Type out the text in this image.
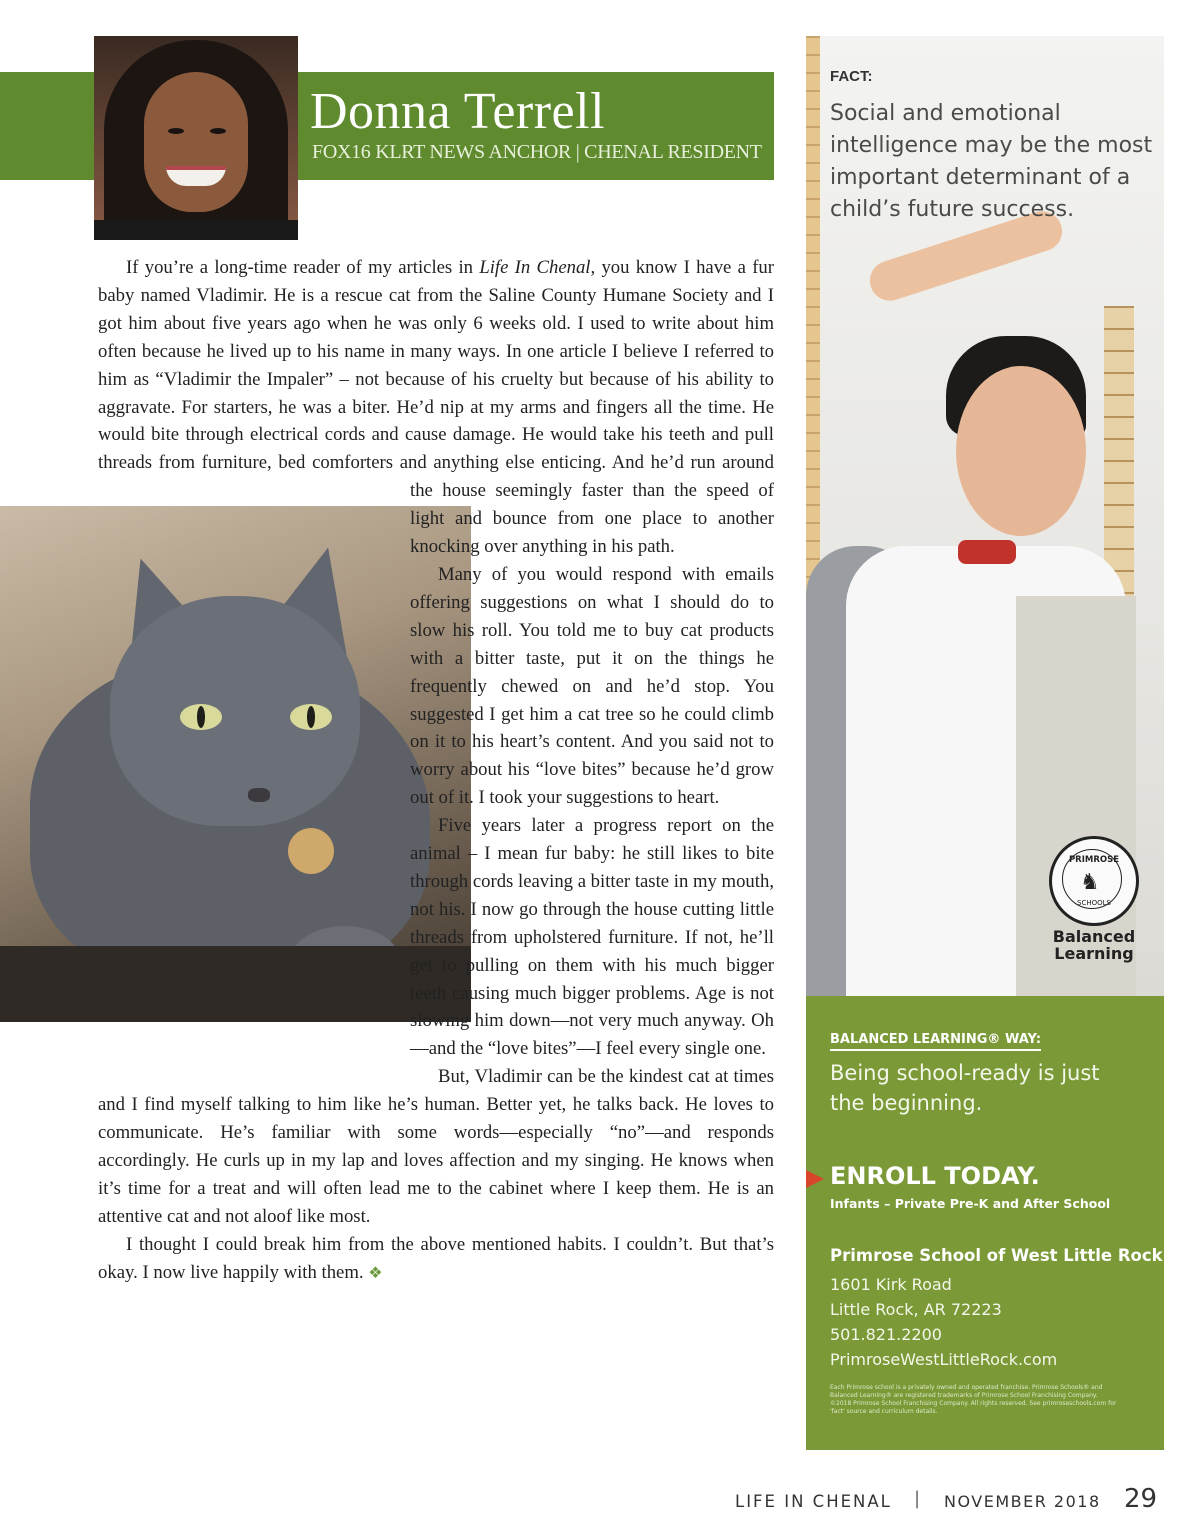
Donna Terrell
FOX16 KLRT NEWS ANCHOR | CHENAL RESIDENT

If you’re a long-time reader of my articles in Life In Chenal, you know I have a fur baby named Vladimir. He is a rescue cat from the Saline County Humane Society and I got him about five years ago when he was only 6 weeks old. I used to write about him often because he lived up to his name in many ways. In one article I believe I referred to him as “Vladimir the Impaler” – not because of his cruelty but because of his ability to aggravate. For starters, he was a biter. He’d nip at my arms and fingers all the time. He would bite through electrical cords and cause damage. He would take his teeth and pull threads from furniture, bed comforters and anything else enticing. And he’d run around the house seemingly faster than the speed of light and bounce from one place to another knocking over anything in his path.

Many of you would respond with emails offering suggestions on what I should do to slow his roll. You told me to buy cat products with a bitter taste, put it on the things he frequently chewed on and he’d stop. You suggested I get him a cat tree so he could climb on it to his heart’s content. And you said not to worry about his “love bites” because he’d grow out of it. I took your suggestions to heart.

Five years later a progress report on the animal – I mean fur baby: he still likes to bite through cords leaving a bitter taste in my mouth, not his. I now go through the house cutting little threads from upholstered furniture. If not, he’ll get to pulling on them with his much bigger teeth causing much bigger problems. Age is not slowing him down—not very much anyway. Oh—and the “love bites”—I feel every single one.

But, Vladimir can be the kindest cat at times and I find myself talking to him like he’s human. Better yet, he talks back. He loves to communicate. He’s familiar with some words—especially “no”—and responds accordingly. He curls up in my lap and loves affection and my singing. He knows when it’s time for a treat and will often lead me to the cabinet where I keep them. He is an attentive cat and not aloof like most.

I thought I could break him from the above mentioned habits. I couldn’t. But that’s okay. I now live happily with them. ❖

FACT:
Social and emotional intelligence may be the most important determinant of a child’s future success.
PRIMROSE
♞
SCHOOLS
Balanced
Learning
BALANCED LEARNING® WAY:
Being school-ready is just the beginning.
ENROLL TODAY.
Infants – Private Pre-K and After School
Primrose School of West Little Rock
1601 Kirk Road
Little Rock, AR 72223
501.821.2200
PrimroseWestLittleRock.com
Each Primrose school is a privately owned and operated franchise. Primrose Schools® and Balanced Learning® are registered trademarks of Primrose School Franchising Company. ©2018 Primrose School Franchising Company. All rights reserved. See primroseschools.com for 'fact' source and curriculum details.
LIFE IN CHENAL | NOVEMBER 2018 29
